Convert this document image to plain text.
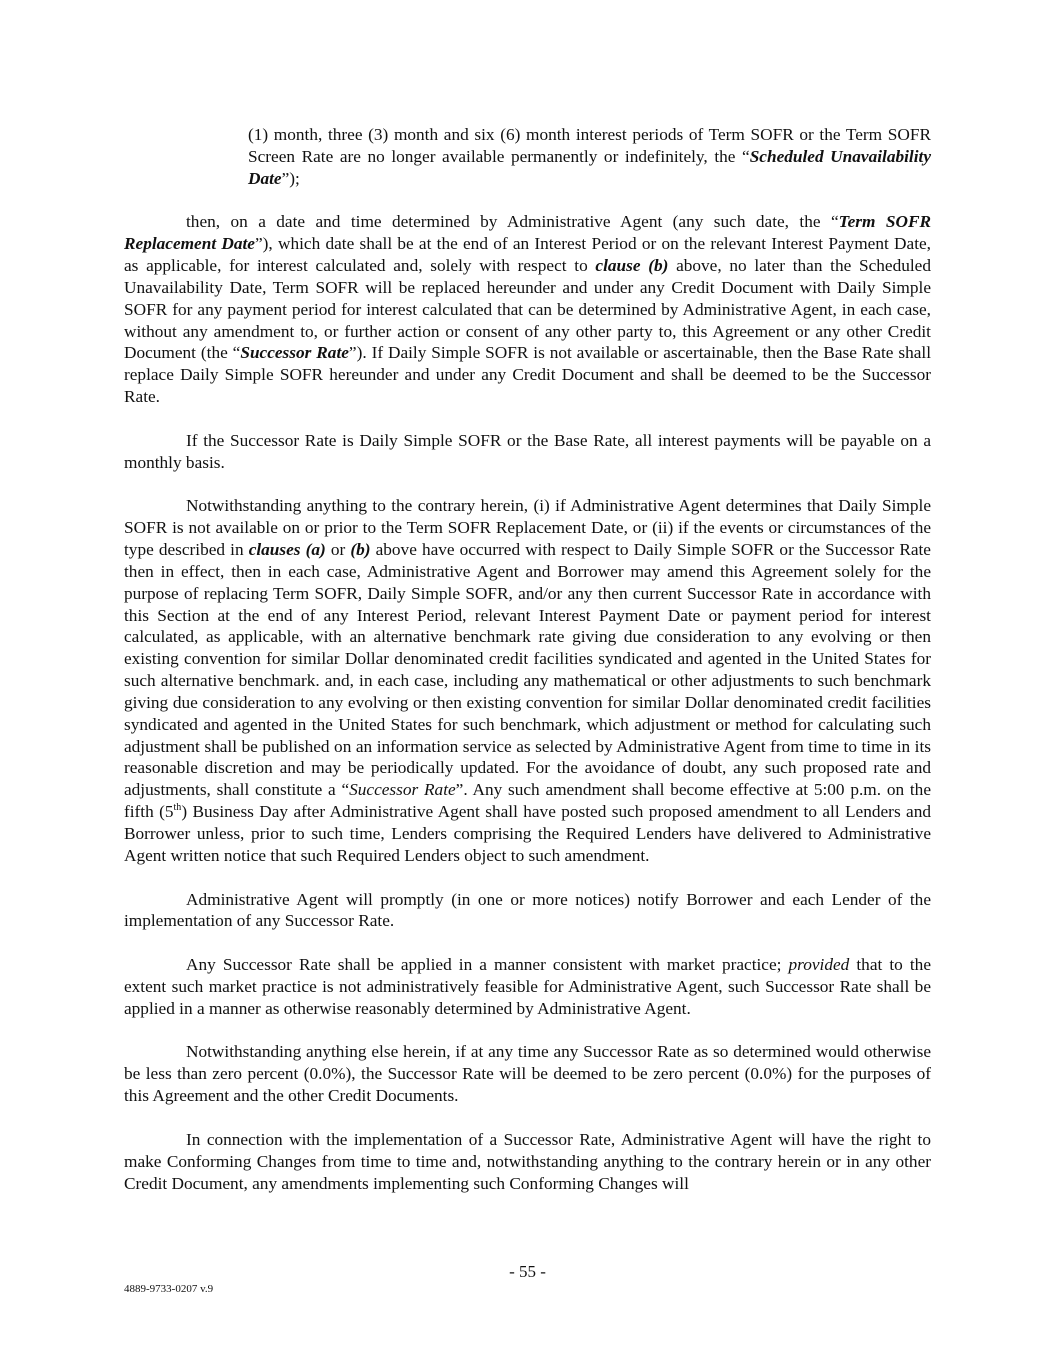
(1) month, three (3) month and six (6) month interest periods of Term SOFR or the Term SOFR Screen Rate are no longer available permanently or indefinitely, the “Scheduled Unavailability Date”);

then, on a date and time determined by Administrative Agent (any such date, the “Term SOFR Replacement Date”), which date shall be at the end of an Interest Period or on the relevant Interest Payment Date, as applicable, for interest calculated and, solely with respect to clause (b) above, no later than the Scheduled Unavailability Date, Term SOFR will be replaced hereunder and under any Credit Document with Daily Simple SOFR for any payment period for interest calculated that can be determined by Administrative Agent, in each case, without any amendment to, or further action or consent of any other party to, this Agreement or any other Credit Document (the “Successor Rate”). If Daily Simple SOFR is not available or ascertainable, then the Base Rate shall replace Daily Simple SOFR hereunder and under any Credit Document and shall be deemed to be the Successor Rate.

If the Successor Rate is Daily Simple SOFR or the Base Rate, all interest payments will be payable on a monthly basis.

Notwithstanding anything to the contrary herein, (i) if Administrative Agent determines that Daily Simple SOFR is not available on or prior to the Term SOFR Replacement Date, or (ii) if the events or circumstances of the type described in clauses (a) or (b) above have occurred with respect to Daily Simple SOFR or the Successor Rate then in effect, then in each case, Administrative Agent and Borrower may amend this Agreement solely for the purpose of replacing Term SOFR, Daily Simple SOFR, and/or any then current Successor Rate in accordance with this Section at the end of any Interest Period, relevant Interest Payment Date or payment period for interest calculated, as applicable, with an alternative benchmark rate giving due consideration to any evolving or then existing convention for similar Dollar denominated credit facilities syndicated and agented in the United States for such alternative benchmark. and, in each case, including any mathematical or other adjustments to such benchmark giving due consideration to any evolving or then existing convention for similar Dollar denominated credit facilities syndicated and agented in the United States for such benchmark, which adjustment or method for calculating such adjustment shall be published on an information service as selected by Administrative Agent from time to time in its reasonable discretion and may be periodically updated. For the avoidance of doubt, any such proposed rate and adjustments, shall constitute a “Successor Rate”. Any such amendment shall become effective at 5:00 p.m. on the fifth (5th) Business Day after Administrative Agent shall have posted such proposed amendment to all Lenders and Borrower unless, prior to such time, Lenders comprising the Required Lenders have delivered to Administrative Agent written notice that such Required Lenders object to such amendment.

Administrative Agent will promptly (in one or more notices) notify Borrower and each Lender of the implementation of any Successor Rate.

Any Successor Rate shall be applied in a manner consistent with market practice; provided that to the extent such market practice is not administratively feasible for Administrative Agent, such Successor Rate shall be applied in a manner as otherwise reasonably determined by Administrative Agent.

Notwithstanding anything else herein, if at any time any Successor Rate as so determined would otherwise be less than zero percent (0.0%), the Successor Rate will be deemed to be zero percent (0.0%) for the purposes of this Agreement and the other Credit Documents.

In connection with the implementation of a Successor Rate, Administrative Agent will have the right to make Conforming Changes from time to time and, notwithstanding anything to the contrary herein or in any other Credit Document, any amendments implementing such Conforming Changes will

- 55 -
4889-9733-0207 v.9
